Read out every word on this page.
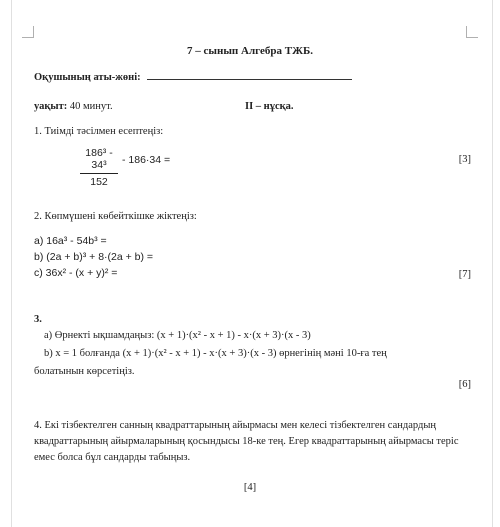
7 – сынып Алгебра ТЖБ.
Оқушының аты-жөні:
уақыт: 40 минут.	II – нұсқа.
1. Тиімді тәсілмен есептеңіз:
$\frac{\text{186³ - 34³}}{152} - 186\cdot 34$ =	[3]
2. Көпмүшені көбейткішке жіктеңіз:
a) 16a³ - 54b³ =
b) (2a + b)³ + 8·(2a + b) =
c) 36x² - (x + y)² =	[7]
3.
a) Өрнекті ықшамдаңыз: (x + 1)·(x² - x + 1) - x·(x + 3)·(x - 3)
b) x = 1 болғанда (x + 1)·(x² - x + 1) - x·(x + 3)·(x - 3) өрнегінің мәні 10-ға тең
болатынын көрсетіңіз.
[6]
4. Екі тізбектелген санның квадраттарының айырмасы мен келесі тізбектелген сандардың квадраттарының айырмаларының қосындысы 18-ке тең. Егер квадраттарының айырмасы теріс емес болса бұл сандарды табыңыз.
[4]
